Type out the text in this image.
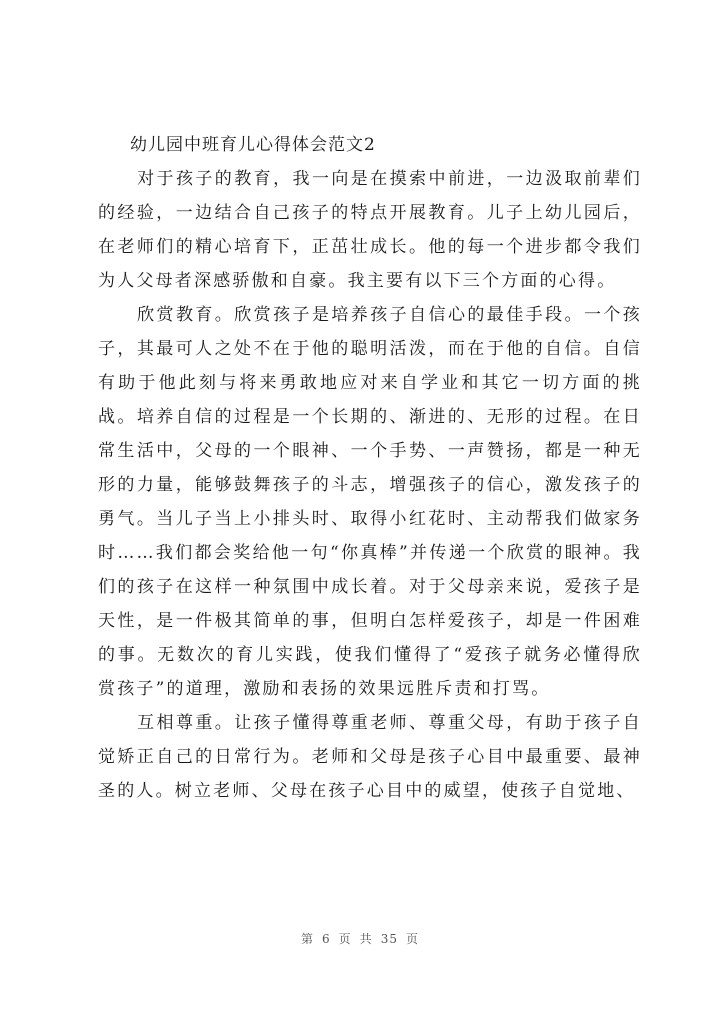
幼儿园中班育儿心得体会范文2

对于孩子的教育，我一向是在摸索中前进，一边汲取前辈们的经验，一边结合自己孩子的特点开展教育。儿子上幼儿园后，在老师们的精心培育下，正茁壮成长。他的每一个进步都令我们为人父母者深感骄傲和自豪。我主要有以下三个方面的心得。

欣赏教育。欣赏孩子是培养孩子自信心的最佳手段。一个孩子，其最可人之处不在于他的聪明活泼，而在于他的自信。自信有助于他此刻与将来勇敢地应对来自学业和其它一切方面的挑战。培养自信的过程是一个长期的、渐进的、无形的过程。在日常生活中，父母的一个眼神、一个手势、一声赞扬，都是一种无形的力量，能够鼓舞孩子的斗志，增强孩子的信心，激发孩子的勇气。当儿子当上小排头时、取得小红花时、主动帮我们做家务时……我们都会奖给他一句“你真棒”并传递一个欣赏的眼神。我们的孩子在这样一种氛围中成长着。对于父母亲来说，爱孩子是天性，是一件极其简单的事，但明白怎样爱孩子，却是一件困难的事。无数次的育儿实践，使我们懂得了“爱孩子就务必懂得欣赏孩子”的道理，激励和表扬的效果远胜斥责和打骂。

互相尊重。让孩子懂得尊重老师、尊重父母，有助于孩子自觉矫正自己的日常行为。老师和父母是孩子心目中最重要、最神圣的人。树立老师、父母在孩子心目中的威望，使孩子自觉地、

第 6 页 共 35 页
